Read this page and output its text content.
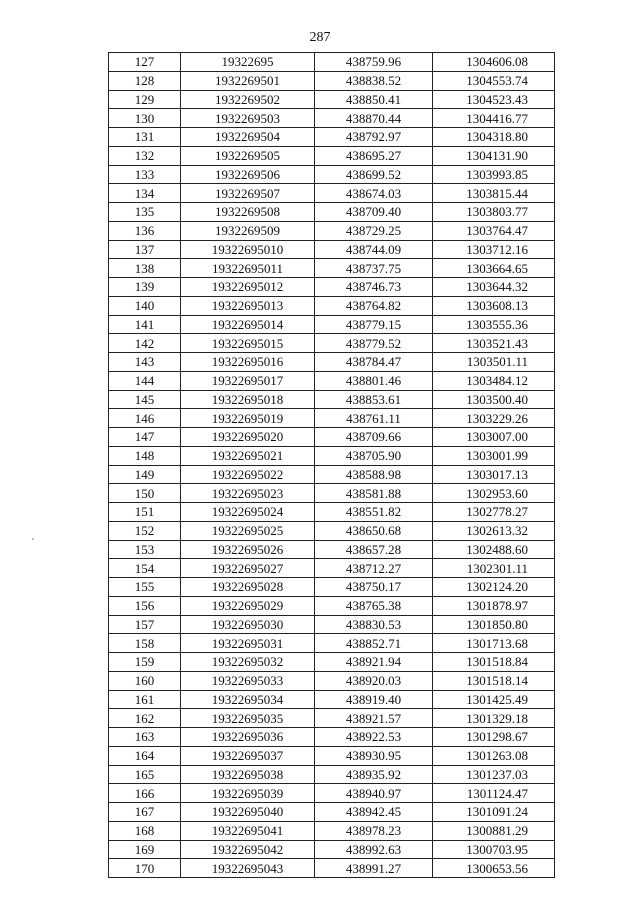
287
127	19322695	438759.96	1304606.08
128	1932269501	438838.52	1304553.74
129	1932269502	438850.41	1304523.43
130	1932269503	438870.44	1304416.77
131	1932269504	438792.97	1304318.80
132	1932269505	438695.27	1304131.90
133	1932269506	438699.52	1303993.85
134	1932269507	438674.03	1303815.44
135	1932269508	438709.40	1303803.77
136	1932269509	438729.25	1303764.47
137	19322695010	438744.09	1303712.16
138	19322695011	438737.75	1303664.65
139	19322695012	438746.73	1303644.32
140	19322695013	438764.82	1303608.13
141	19322695014	438779.15	1303555.36
142	19322695015	438779.52	1303521.43
143	19322695016	438784.47	1303501.11
144	19322695017	438801.46	1303484.12
145	19322695018	438853.61	1303500.40
146	19322695019	438761.11	1303229.26
147	19322695020	438709.66	1303007.00
148	19322695021	438705.90	1303001.99
149	19322695022	438588.98	1303017.13
150	19322695023	438581.88	1302953.60
151	19322695024	438551.82	1302778.27
152	19322695025	438650.68	1302613.32
153	19322695026	438657.28	1302488.60
154	19322695027	438712.27	1302301.11
155	19322695028	438750.17	1302124.20
156	19322695029	438765.38	1301878.97
157	19322695030	438830.53	1301850.80
158	19322695031	438852.71	1301713.68
159	19322695032	438921.94	1301518.84
160	19322695033	438920.03	1301518.14
161	19322695034	438919.40	1301425.49
162	19322695035	438921.57	1301329.18
163	19322695036	438922.53	1301298.67
164	19322695037	438930.95	1301263.08
165	19322695038	438935.92	1301237.03
166	19322695039	438940.97	1301124.47
167	19322695040	438942.45	1301091.24
168	19322695041	438978.23	1300881.29
169	19322695042	438992.63	1300703.95
170	19322695043	438991.27	1300653.56
